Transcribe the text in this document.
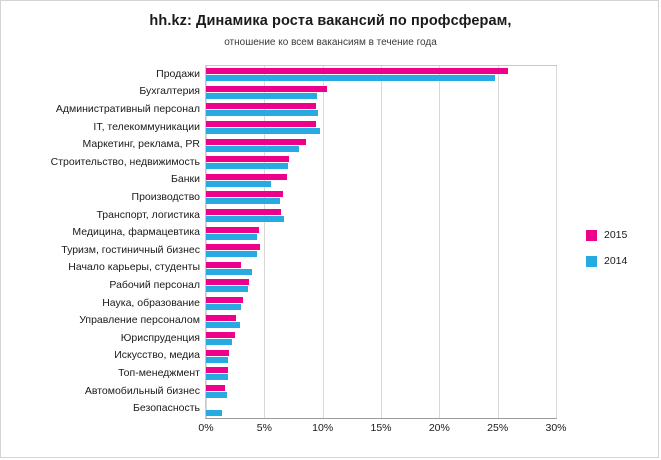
hh.kz: Динамика роста вакансий по профсферам,
отношение ко всем вакансиям в течение года
0%	5%	10%	15%	20%	25%	30%
Продажи
Бухгалтерия
Административный персонал
IT, телекоммуникации
Маркетинг, реклама, PR
Строительство, недвижимость
Банки
Производство
Транспорт, логистика
Медицина, фармацевтика
Туризм, гостиничный бизнес
Начало карьеры, студенты
Рабочий персонал
Наука, образование
Управление персоналом
Юриспруденция
Искусство, медиа
Топ-менеджмент
Автомобильный бизнес
Безопасность
2015
2014
